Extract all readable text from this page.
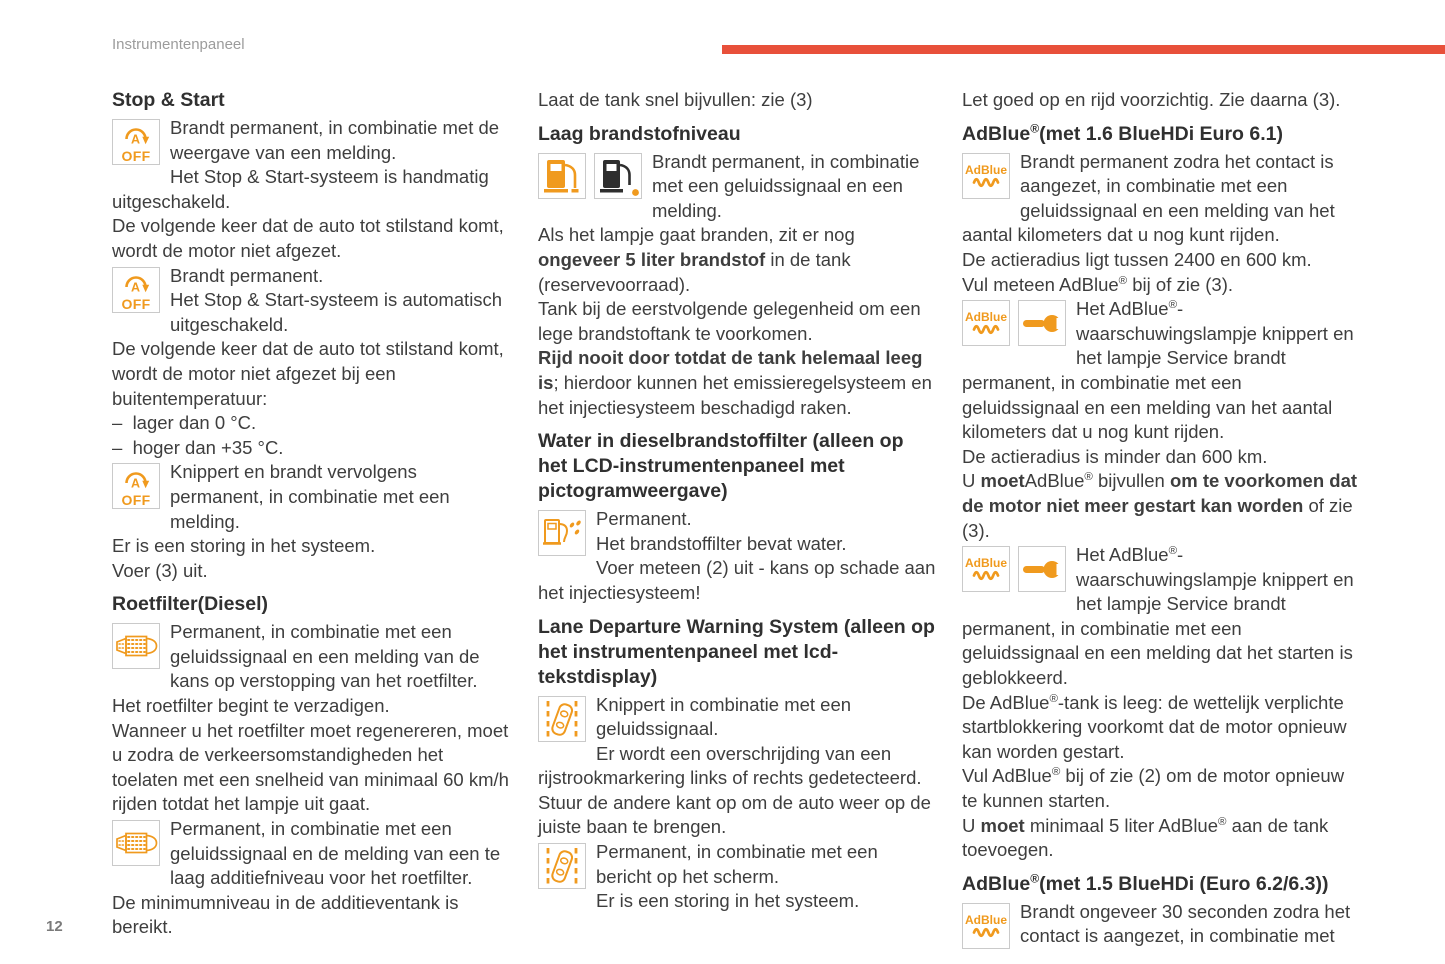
Instrumentenpaneel
Stop & Start
A
OFF

Brandt permanent, in combinatie met de weergave van een melding.

Het Stop & Start-systeem is handmatig uitgeschakeld.

De volgende keer dat de auto tot stilstand komt, wordt de motor niet afgezet.

A
OFF

Brandt permanent.

Het Stop & Start-systeem is automatisch uitgeschakeld.

De volgende keer dat de auto tot stilstand komt, wordt de motor niet afgezet bij een buitentemperatuur:

–  lager dan 0 °C.

–  hoger dan +35 °C.

A
OFF

Knippert en brandt vervolgens permanent, in combinatie met een melding.

Er is een storing in het systeem.

Voer (3) uit.

Roetfilter(Diesel)

Permanent, in combinatie met een geluidssignaal en een melding van de kans op verstopping van het roetfilter.

Het roetfilter begint te verzadigen.

Wanneer u het roetfilter moet regenereren, moet u zodra de verkeersomstandigheden het toelaten met een snelheid van minimaal 60 km/h rijden totdat het lampje uit gaat.

Permanent, in combinatie met een geluidssignaal en de melding van een te laag additiefniveau voor het roetfilter.

De minimumniveau in de additieventank is bereikt.

Laat de tank snel bijvullen: zie (3)

Laag brandstofniveau

Brandt permanent, in combinatie met een geluidssignaal en een melding.

Als het lampje gaat branden, zit er nog ongeveer 5 liter brandstof in de tank (reservevoorraad).

Tank bij de eerstvolgende gelegenheid om een lege brandstoftank te voorkomen.

Rijd nooit door totdat de tank helemaal leeg is; hierdoor kunnen het emissieregelsysteem en het injectiesysteem beschadigd raken.

Water in dieselbrandstoffilter (alleen op het LCD-instrumentenpaneel met pictogramweergave)

Permanent.

Het brandstoffilter bevat water.

Voer meteen (2) uit - kans op schade aan het injectiesysteem!

Lane Departure Warning System (alleen op het instrumentenpaneel met lcd-tekstdisplay)

Knippert in combinatie met een geluidssignaal.

Er wordt een overschrijding van een rijstrookmarkering links of rechts gedetecteerd.

Stuur de andere kant op om de auto weer op de juiste baan te brengen.

Permanent, in combinatie met een bericht op het scherm.

Er is een storing in het systeem.

Let goed op en rijd voorzichtig. Zie daarna (3).

AdBlue®(met 1.6 BlueHDi Euro 6.1)
AdBlue Brandt permanent zodra het contact is aangezet, in combinatie met een geluidssignaal en een melding van het aantal kilometers dat u nog kunt rijden.

De actieradius ligt tussen 2400 en 600 km.

Vul meteen AdBlue® bij of zie (3).

AdBlue	Het AdBlue®-waarschuwingslampje knippert en het lampje Service brandt permanent, in combinatie met een geluidssignaal en een melding van het aantal kilometers dat u nog kunt rijden.

De actieradius is minder dan 600 km.

U moetAdBlue® bijvullen om te voorkomen dat de motor niet meer gestart kan worden of zie (3).

AdBlue	Het AdBlue®-waarschuwingslampje knippert en het lampje Service brandt permanent, in combinatie met een geluidssignaal en een melding dat het starten is geblokkeerd.

De AdBlue®-tank is leeg: de wettelijk verplichte startblokkering voorkomt dat de motor opnieuw kan worden gestart.

Vul AdBlue® bij of zie (2) om de motor opnieuw te kunnen starten.

U moet minimaal 5 liter AdBlue® aan de tank toevoegen.

AdBlue®(met 1.5 BlueHDi (Euro 6.2/6.3))
AdBlue Brandt ongeveer 30 seconden zodra het contact is aangezet, in combinatie met

12
